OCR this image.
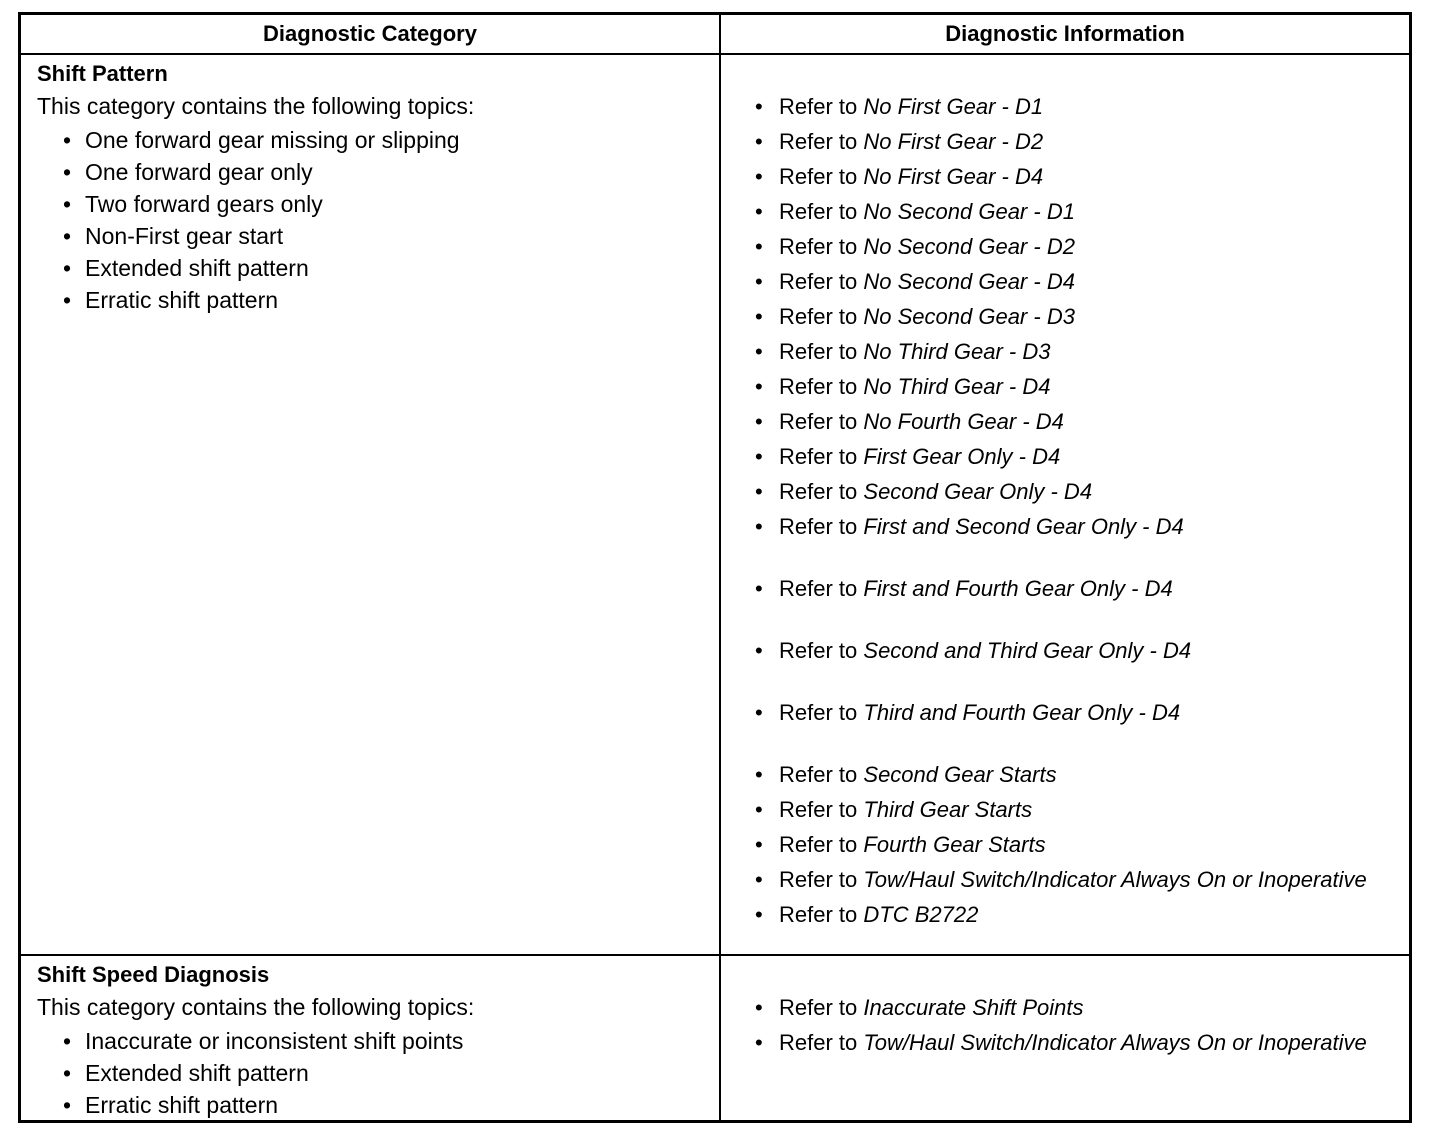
Diagnostic Category	Diagnostic Information
Shift Pattern
This category contains the following topics:
• One forward gear missing or slipping
• One forward gear only
• Two forward gears only
• Non-First gear start
• Extended shift pattern
• Erratic shift pattern
• Refer to No First Gear - D1
• Refer to No First Gear - D2
• Refer to No First Gear - D4
• Refer to No Second Gear - D1
• Refer to No Second Gear - D2
• Refer to No Second Gear - D4
• Refer to No Second Gear - D3
• Refer to No Third Gear - D3
• Refer to No Third Gear - D4
• Refer to No Fourth Gear - D4
• Refer to First Gear Only - D4
• Refer to Second Gear Only - D4
• Refer to First and Second Gear Only - D4
• Refer to First and Fourth Gear Only - D4
• Refer to Second and Third Gear Only - D4
• Refer to Third and Fourth Gear Only - D4
• Refer to Second Gear Starts
• Refer to Third Gear Starts
• Refer to Fourth Gear Starts
• Refer to Tow/Haul Switch/Indicator Always On or Inoperative
• Refer to DTC B2722
Shift Speed Diagnosis
This category contains the following topics:
• Inaccurate or inconsistent shift points
• Extended shift pattern
• Erratic shift pattern
• Refer to Inaccurate Shift Points
• Refer to Tow/Haul Switch/Indicator Always On or Inoperative
